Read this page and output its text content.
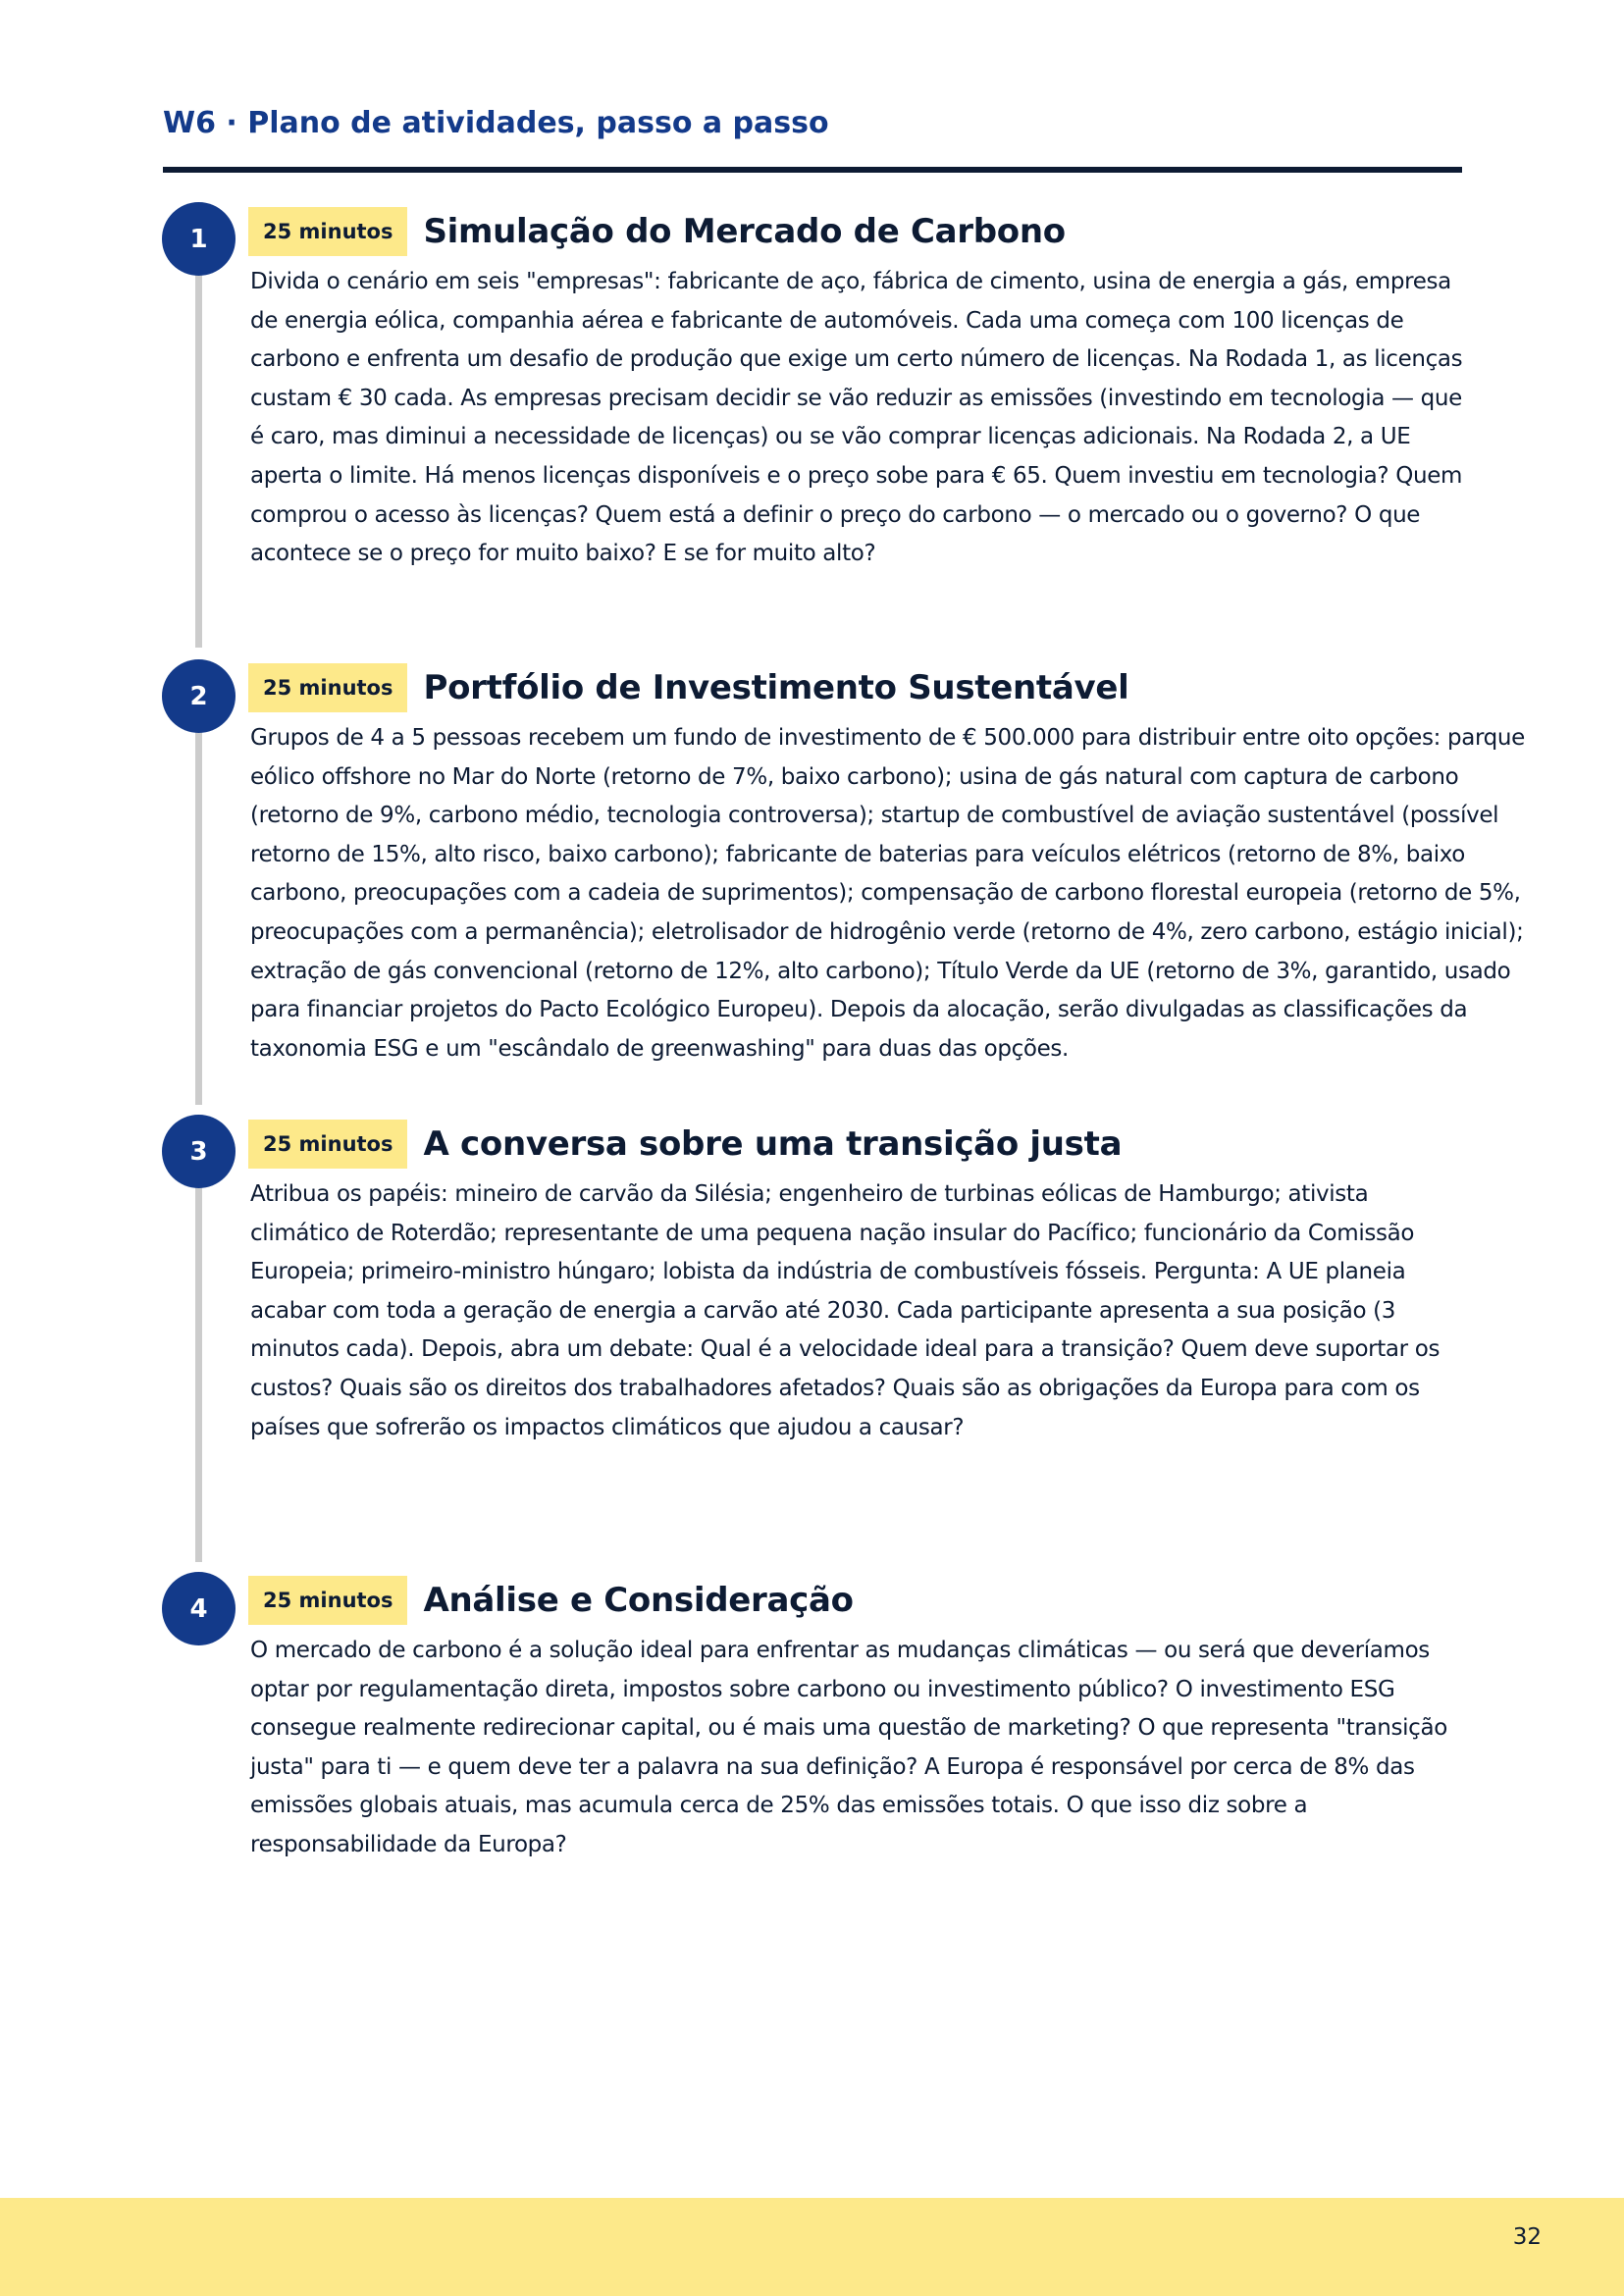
W6 · Plano de atividades, passo a passo
1	25 minutos Simulação do Mercado de Carbono

Divida o cenário em seis "empresas": fabricante de aço, fábrica de cimento, usina de energia a gás, empresa de energia eólica, companhia aérea e fabricante de automóveis. Cada uma começa com 100 licenças de carbono e enfrenta um desafio de produção que exige um certo número de licenças. Na Rodada 1, as licenças custam € 30 cada. As empresas precisam decidir se vão reduzir as emissões (investindo em tecnologia — que é caro, mas diminui a necessidade de licenças) ou se vão comprar licenças adicionais. Na Rodada 2, a UE aperta o limite. Há menos licenças disponíveis e o preço sobe para € 65. Quem investiu em tecnologia? Quem comprou o acesso às licenças? Quem está a definir o preço do carbono — o mercado ou o governo? O que acontece se o preço for muito baixo? E se for muito alto?

2	25 minutos Portfólio de Investimento Sustentável

Grupos de 4 a 5 pessoas recebem um fundo de investimento de € 500.000 para distribuir entre oito opções: parque eólico offshore no Mar do Norte (retorno de 7%, baixo carbono); usina de gás natural com captura de carbono (retorno de 9%, carbono médio, tecnologia controversa); startup de combustível de aviação sustentável (possível retorno de 15%, alto risco, baixo carbono); fabricante de baterias para veículos elétricos (retorno de 8%, baixo carbono, preocupações com a cadeia de suprimentos); compensação de carbono florestal europeia (retorno de 5%, preocupações com a permanência); eletrolisador de hidrogênio verde (retorno de 4%, zero carbono, estágio inicial); extração de gás convencional (retorno de 12%, alto carbono); Título Verde da UE (retorno de 3%, garantido, usado para financiar projetos do Pacto Ecológico Europeu). Depois da alocação, serão divulgadas as classificações da taxonomia ESG e um "escândalo de greenwashing" para duas das opções.

3	25 minutos A conversa sobre uma transição justa

Atribua os papéis: mineiro de carvão da Silésia; engenheiro de turbinas eólicas de Hamburgo; ativista climático de Roterdão; representante de uma pequena nação insular do Pacífico; funcionário da Comissão Europeia; primeiro-ministro húngaro; lobista da indústria de combustíveis fósseis. Pergunta: A UE planeia acabar com toda a geração de energia a carvão até 2030. Cada participante apresenta a sua posição (3 minutos cada). Depois, abra um debate: Qual é a velocidade ideal para a transição? Quem deve suportar os custos? Quais são os direitos dos trabalhadores afetados? Quais são as obrigações da Europa para com os países que sofrerão os impactos climáticos que ajudou a causar?

4	25 minutos Análise e Consideração

O mercado de carbono é a solução ideal para enfrentar as mudanças climáticas — ou será que deveríamos optar por regulamentação direta, impostos sobre carbono ou investimento público? O investimento ESG consegue realmente redirecionar capital, ou é mais uma questão de marketing? O que representa "transição justa" para ti — e quem deve ter a palavra na sua definição? A Europa é responsável por cerca de 8% das emissões globais atuais, mas acumula cerca de 25% das emissões totais. O que isso diz sobre a responsabilidade da Europa?

32
